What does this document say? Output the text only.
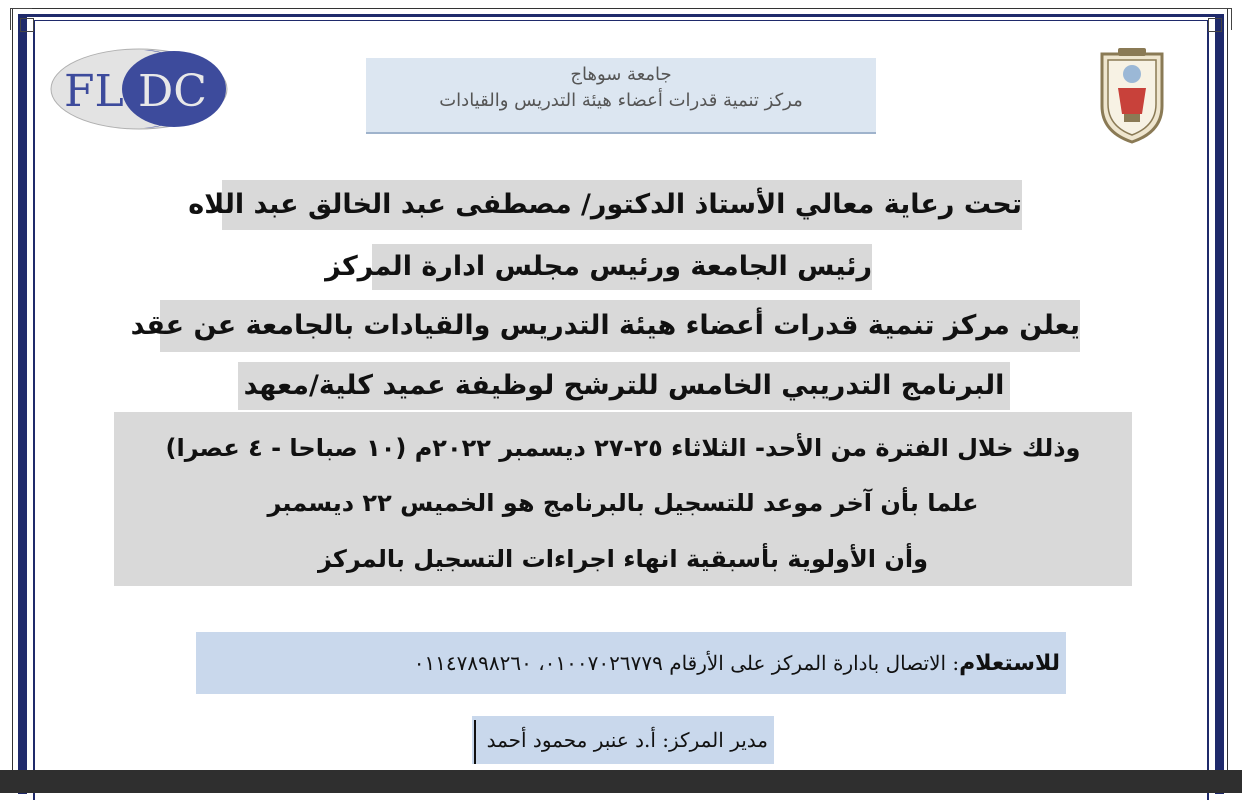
FL DC	جامعة سوهاج
مركز تنمية قدرات أعضاء هيئة التدريس والقيادات
تحت رعاية معالي الأستاذ الدكتور/ مصطفى عبد الخالق عبد اللاه
رئيس الجامعة ورئيس مجلس ادارة المركز
يعلن مركز تنمية قدرات أعضاء هيئة التدريس والقيادات بالجامعة عن عقد
البرنامج التدريبي الخامس للترشح لوظيفة عميد كلية/معهد
وذلك خلال الفترة من الأحد- الثلاثاء ٢٥-٢٧ ديسمبر ٢٠٢٢م (١٠ صباحا - ٤ عصرا)
علما بأن آخر موعد للتسجيل بالبرنامج هو الخميس ٢٢ ديسمبر
وأن الأولوية بأسبقية انهاء اجراءات التسجيل بالمركز
للاستعلام: الاتصال بادارة المركز على الأرقام ٠١٠٠٧٠٢٦٧٧٩، ٠١١٤٧٨٩٨٢٦٠
مدير المركز: أ.د عنبر محمود أحمد
